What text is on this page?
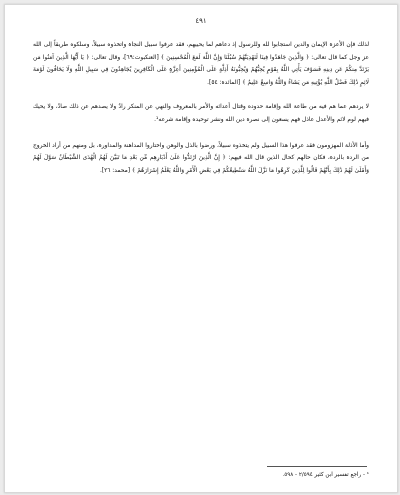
٤٩١

لذلك فإن الأعزة الإيمان والدين استجابوا لله وللرسول إذ دعاهم لما يحييهم، فقد عرفوا سبيل النجاة واتخذوه سبيلاً، وسلكوه طريقاً إلى الله عز وجل كما قال تعالى: ﴿ وَالَّذِينَ جَاهَدُوا فِينَا لَنَهْدِيَنَّهُمْ سُبُلَنَا وَإِنَّ اللَّهَ لَمَعَ الْمُحْسِنِينَ ﴾ [العنكبوت:٦٩]، وقال تعالى: ﴿ يَا أَيُّهَا الَّذِينَ آمَنُوا مَن يَرْتَدَّ مِنكُمْ عَن دِينِهِ فَسَوْفَ يَأْتِي اللَّهُ بِقَوْمٍ يُحِبُّهُمْ وَيُحِبُّونَهُ أَذِلَّةٍ عَلَى الْمُؤْمِنِينَ أَعِزَّةٍ عَلَى الْكَافِرِينَ يُجَاهِدُونَ فِي سَبِيلِ اللَّهِ وَلَا يَخَافُونَ لَوْمَةَ لَائِمٍ ذَٰلِكَ فَضْلُ اللَّهِ يُؤْتِيهِ مَن يَشَاءُ وَاللَّهُ وَاسِعٌ عَلِيمٌ ﴾ [المائدة: ٥٤].

لا يردهم عما هم فيه من طاعة الله وإقامة حدوده وقتال أعدائه والأمر بالمعروف والنهي عن المنكر رادٌ ولا يصدهم عن ذلك صادٌ، ولا يحيك فيهم لوم لائم والأعدل عاذل فهم يسعون إلى نصرة دين الله ونشر توحيده وإقامة شرعه¹.

وأما الأذلة المهزومون فقد عرفوا هذا السبيل ولم يتخذوه سبيلاً، ورضوا بالذل والوهن واختاروا المداهنة والمداورة، بل ومنهم من أراد الخروج من الردة بالردة، فكان حالهم كحال الذين قال الله فيهم: ﴿ إِنَّ الَّذِينَ ارْتَدُّوا عَلَىٰ أَدْبَارِهِم مِّن بَعْدِ مَا تَبَيَّنَ لَهُمُ الْهُدَى الشَّيْطَانُ سَوَّلَ لَهُمْ وَأَمْلَىٰ لَهُمْ ذَٰلِكَ بِأَنَّهُمْ قَالُوا لِلَّذِينَ كَرِهُوا مَا نَزَّلَ اللَّهُ سَنُطِيعُكُمْ فِي بَعْضِ الْأَمْرِ وَاللَّهُ يَعْلَمُ إِسْرَارَهُمْ ﴾ [محمد: ٢٦].

¹ - راجع تفسير ابن كثير ٢/٥٩٤ - ٥٩٨.
